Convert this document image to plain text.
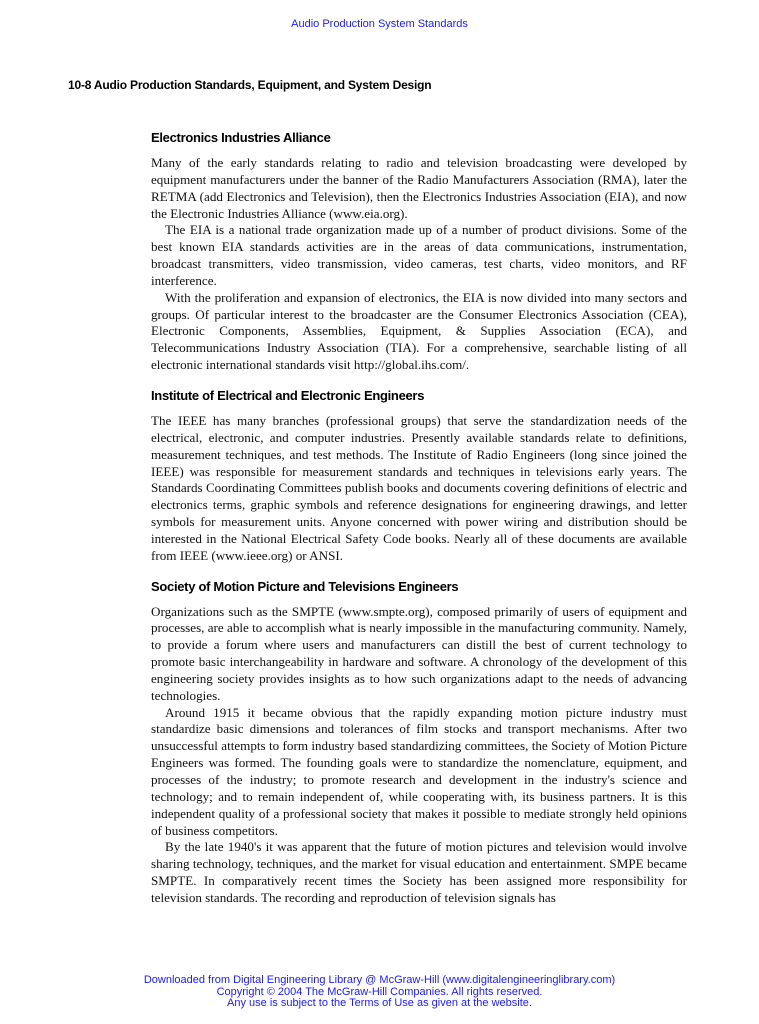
Audio Production System Standards
10-8 Audio Production Standards, Equipment, and System Design
Electronics Industries Alliance

Many of the early standards relating to radio and television broadcasting were developed by equipment manufacturers under the banner of the Radio Manufacturers Association (RMA), later the RETMA (add Electronics and Television), then the Electronics Industries Association (EIA), and now the Electronic Industries Alliance (www.eia.org).

The EIA is a national trade organization made up of a number of product divisions. Some of the best known EIA standards activities are in the areas of data communications, instrumentation, broadcast transmitters, video transmission, video cameras, test charts, video monitors, and RF interference.

With the proliferation and expansion of electronics, the EIA is now divided into many sectors and groups. Of particular interest to the broadcaster are the Consumer Electronics Association (CEA), Electronic Components, Assemblies, Equipment, & Supplies Association (ECA), and Telecommunications Industry Association (TIA). For a comprehensive, searchable listing of all electronic international standards visit http://global.ihs.com/.

Institute of Electrical and Electronic Engineers

The IEEE has many branches (professional groups) that serve the standardization needs of the electrical, electronic, and computer industries. Presently available standards relate to definitions, measurement techniques, and test methods. The Institute of Radio Engineers (long since joined the IEEE) was responsible for measurement standards and techniques in televisions early years. The Standards Coordinating Committees publish books and documents covering definitions of electric and electronics terms, graphic symbols and reference designations for engineering drawings, and letter symbols for measurement units. Anyone concerned with power wiring and distribution should be interested in the National Electrical Safety Code books. Nearly all of these documents are available from IEEE (www.ieee.org) or ANSI.

Society of Motion Picture and Televisions Engineers

Organizations such as the SMPTE (www.smpte.org), composed primarily of users of equipment and processes, are able to accomplish what is nearly impossible in the manufacturing community. Namely, to provide a forum where users and manufacturers can distill the best of current technology to promote basic interchangeability in hardware and software. A chronology of the development of this engineering society provides insights as to how such organizations adapt to the needs of advancing technologies.

Around 1915 it became obvious that the rapidly expanding motion picture industry must standardize basic dimensions and tolerances of film stocks and transport mechanisms. After two unsuccessful attempts to form industry based standardizing committees, the Society of Motion Picture Engineers was formed. The founding goals were to standardize the nomenclature, equipment, and processes of the industry; to promote research and development in the industry's science and technology; and to remain independent of, while cooperating with, its business partners. It is this independent quality of a professional society that makes it possible to mediate strongly held opinions of business competitors.

By the late 1940's it was apparent that the future of motion pictures and television would involve sharing technology, techniques, and the market for visual education and entertainment. SMPE became SMPTE. In comparatively recent times the Society has been assigned more responsibility for television standards. The recording and reproduction of television signals has

Downloaded from Digital Engineering Library @ McGraw-Hill (www.digitalengineeringlibrary.com)
Copyright © 2004 The McGraw-Hill Companies. All rights reserved.
Any use is subject to the Terms of Use as given at the website.
